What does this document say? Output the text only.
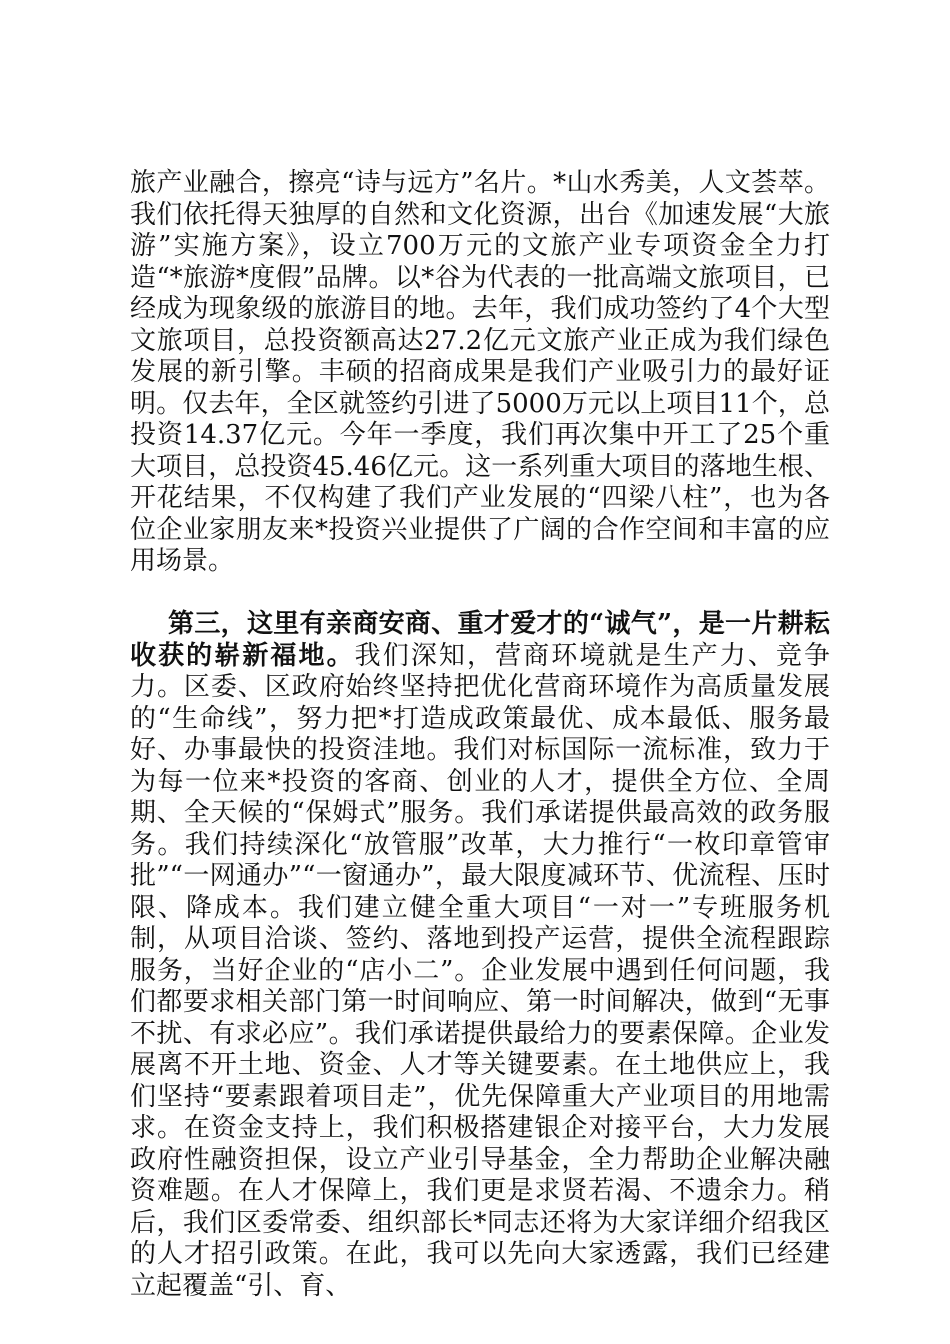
旅产业融合，擦亮“诗与远方”名片。*山水秀美，人文荟萃。我们依托得天独厚的自然和文化资源，出台《加速发展“大旅游”实施方案》，设立700万元的文旅产业专项资金全力打造“*旅游*度假”品牌。以*谷为代表的一批高端文旅项目，已经成为现象级的旅游目的地。去年，我们成功签约了4个大型文旅项目，总投资额高达27.2亿元文旅产业正成为我们绿色发展的新引擎。丰硕的招商成果是我们产业吸引力的最好证明。仅去年，全区就签约引进了5000万元以上项目11个，总投资14.37亿元。今年一季度，我们再次集中开工了25个重大项目，总投资45.46亿元。这一系列重大项目的落地生根、开花结果，不仅构建了我们产业发展的“四梁八柱”，也为各位企业家朋友来*投资兴业提供了广阔的合作空间和丰富的应用场景。

第三，这里有亲商安商、重才爱才的“诚气”，是一片耕耘收获的崭新福地。我们深知，营商环境就是生产力、竞争力。区委、区政府始终坚持把优化营商环境作为高质量发展的“生命线”，努力把*打造成政策最优、成本最低、服务最好、办事最快的投资洼地。我们对标国际一流标准，致力于为每一位来*投资的客商、创业的人才，提供全方位、全周期、全天候的“保姆式”服务。我们承诺提供最高效的政务服务。我们持续深化“放管服”改革，大力推行“一枚印章管审批”“一网通办”“一窗通办”，最大限度减环节、优流程、压时限、降成本。我们建立健全重大项目“一对一”专班服务机制，从项目洽谈、签约、落地到投产运营，提供全流程跟踪服务，当好企业的“店小二”。企业发展中遇到任何问题，我们都要求相关部门第一时间响应、第一时间解决，做到“无事不扰、有求必应”。我们承诺提供最给力的要素保障。企业发展离不开土地、资金、人才等关键要素。在土地供应上，我们坚持“要素跟着项目走”，优先保障重大产业项目的用地需求。在资金支持上，我们积极搭建银企对接平台，大力发展政府性融资担保，设立产业引导基金，全力帮助企业解决融资难题。在人才保障上，我们更是求贤若渴、不遗余力。稍后，我们区委常委、组织部长*同志还将为大家详细介绍我区的人才招引政策。在此，我可以先向大家透露，我们已经建立起覆盖“引、育、
